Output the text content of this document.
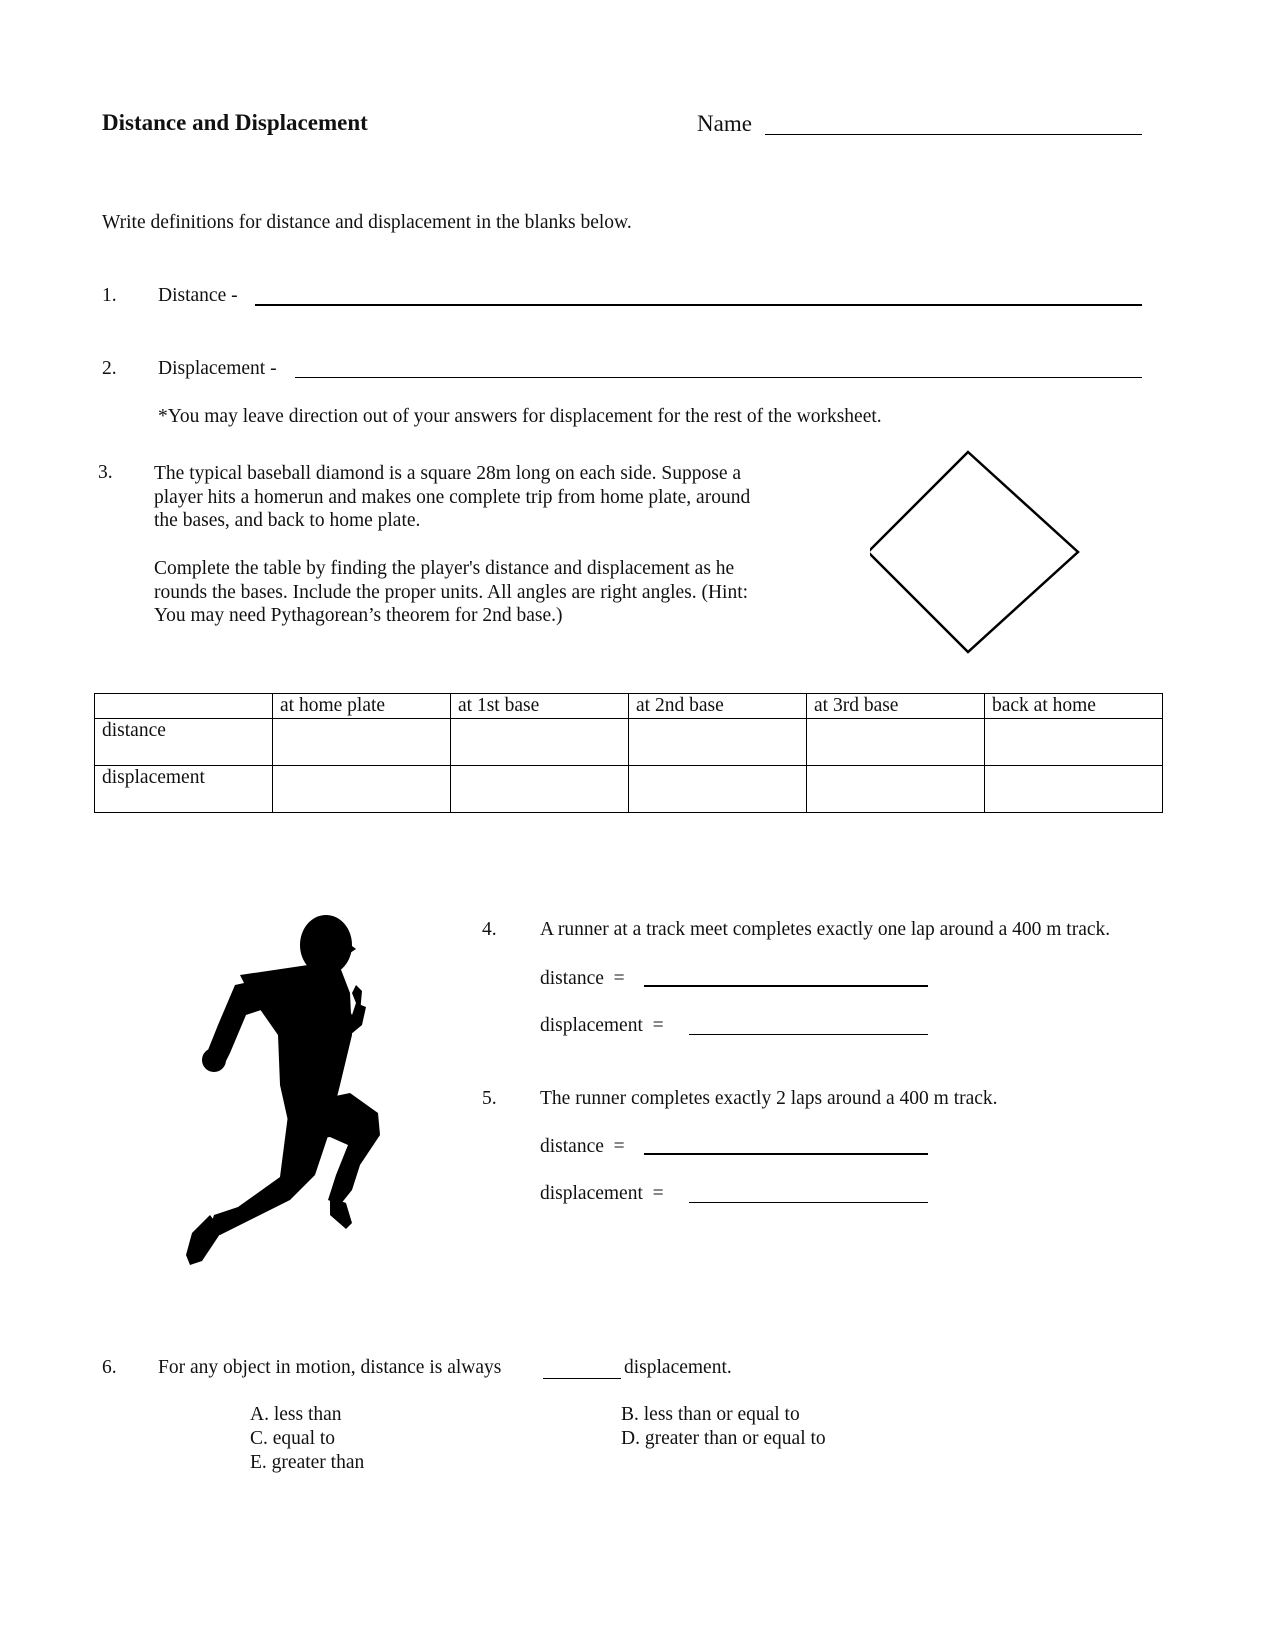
Distance and Displacement	Name
Write definitions for distance and displacement in the blanks below.
1. Distance -
2. Displacement -
*You may leave direction out of your answers for displacement for the rest of the worksheet.
3. The typical baseball diamond is a square 28m long on each side. Suppose a player hits a homerun and makes one complete trip from home plate, around the bases, and back to home plate.
Complete the table by finding the player's distance and displacement as he rounds the bases. Include the proper units. All angles are right angles. (Hint: You may need Pythagorean’s theorem for 2nd base.)
	at home plate	at 1st base	at 2nd base	at 3rd base	back at home
distance					
displacement					
4. A runner at a track meet completes exactly one lap around a 400 m track.
distance  =
displacement  =
5. The runner completes exactly 2 laps around a 400 m track.
distance  =
displacement  =
6. For any object in motion, distance is always	displacement.
A. less than	B. less than or equal to
C. equal to	D. greater than or equal to
E. greater than
